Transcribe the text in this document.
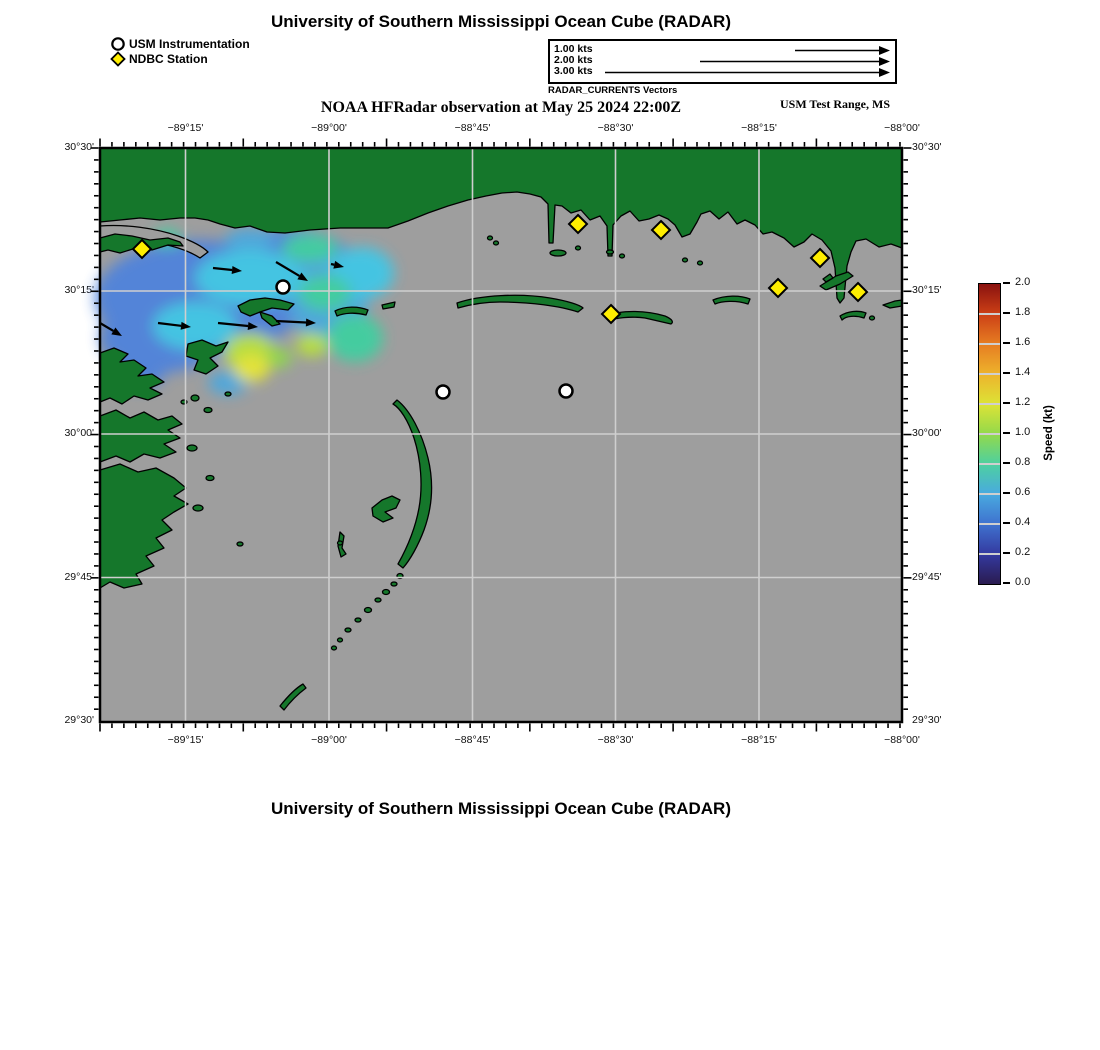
University of Southern Mississippi Ocean Cube (RADAR)
USM Instrumentation
NDBC Station
1.00 kts
2.00 kts
3.00 kts
RADAR_CURRENTS Vectors
NOAA HFRadar observation at May 25 2024 22:00Z	USM Test Range, MS
−89°15'
−89°15'
−89°00'
−89°00'
−88°45'
−88°45'
−88°30'
−88°30'
−88°15'
−88°15'
−88°00'
−88°00'
30°30'	30°30'
30°15'	30°15'
30°00'	30°00'
29°45'	29°45'
29°30'	29°30'
2.0
1.8
1.6
1.4
1.2
1.0
0.8
0.6
0.4
0.2
0.0
Speed (kt)
University of Southern Mississippi Ocean Cube (RADAR)
